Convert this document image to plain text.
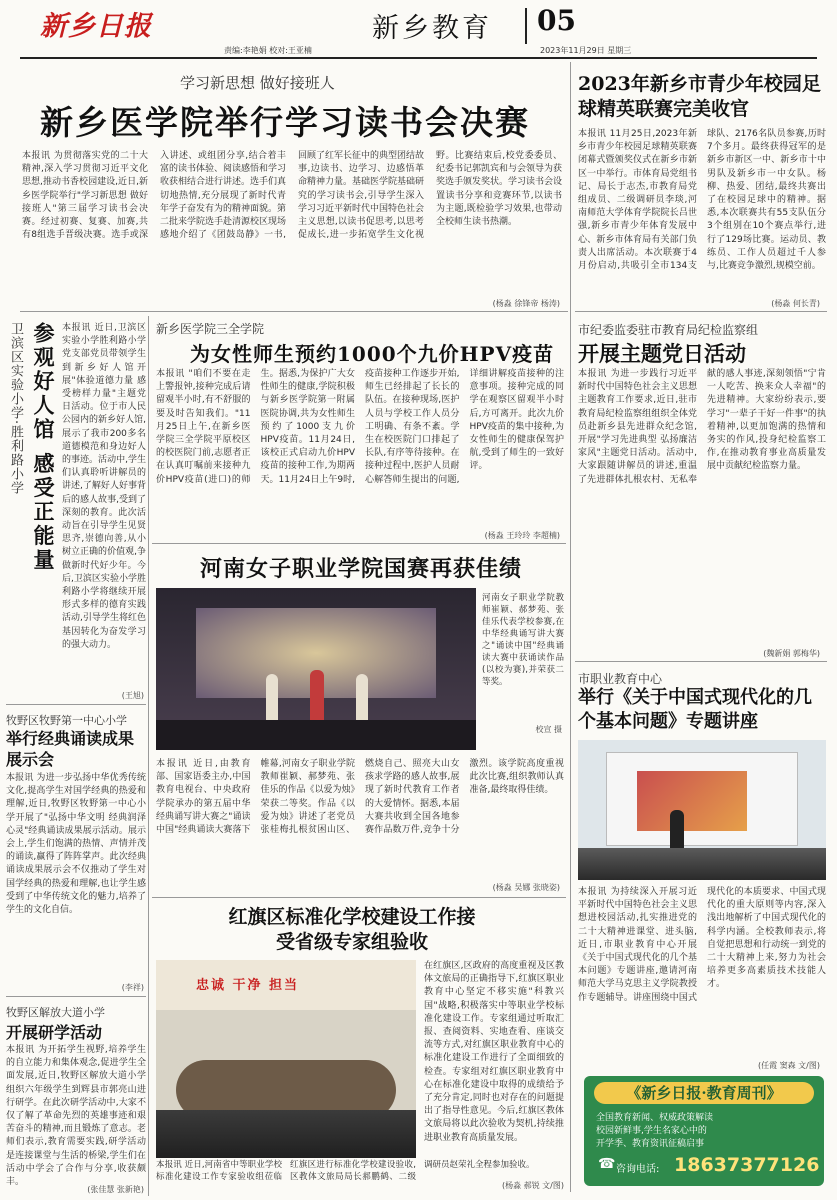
新乡日报
责编:李艳娟 校对:王亚楠
新乡教育 05
2023年11月29日 星期三
学习新思想 做好接班人
新乡医学院举行学习读书会决赛
本报讯 为贯彻落实党的二十大精神,深入学习贯彻习近平文化思想,推动书香校园建设,近日,新乡医学院举行"学习新思想 做好接班人"第三届学习读书会决赛。经过初赛、复赛、加赛,共有8组选手晋级决赛。选手或深入讲述、或组团分享,结合着丰富的读书体验、阅读感悟和学习收获相结合进行讲述。选手们真切地热情,充分展现了新时代青年学子奋发有为的精神面貌。第二批来学院选手赴清源校区现场感地介绍了《团鼓岛静》一书,回顾了红军长征中的典型团结故事,边读书、边学习、边感悟革命精神力量。基础医学院基础研究的学习读书会,引导学生深入学习习近平新时代中国特色社会主义思想,以读书促思考,以思考促成长,进一步拓宽学生文化视野。比赛结束后,校党委委员、纪委书记郭凯宾和与会领导为获奖选手颁发奖状。学习读书会设置读书分享和竞赛环节,以读书为主题,既检验学习效果,也带动全校师生读书热潮。
(杨淼 徐锋帝 杨涛)
2023年新乡市青少年校园足球精英联赛完美收官
本报讯 11月25日,2023年新乡市青少年校园足球精英联赛闭幕式暨颁奖仪式在新乡市新区一中举行。市体育局党组书记、局长于志杰,市教育局党组成员、二级调研员李琰,河南师范大学体育学院院长吕世强,新乡市青少年体育发展中心、新乡市体育局有关部门负责人出席活动。本次联赛于4月份启动,共吸引全市134支球队、2176名队员参赛,历时7个多月。最终获得冠军的是新乡市新区一中、新乡市十中男队及新乡市一中女队。杨柳、热爱、团结,最终共赛出了在校园足球中的精神。据悉,本次联赛共有55支队伍分3个组别在10个赛点举行,进行了129场比赛。运动员、教练员、工作人员超过千人参与,比赛竞争激烈,规模空前。
(杨淼 何长青)
市纪委监委驻市教育局纪检监察组
开展主题党日活动
本报讯 为进一步践行习近平新时代中国特色社会主义思想主题教育工作要求,近日,驻市教育局纪检监察组组织全体党员赴新乡县先进群众纪念馆,开展"学习先进典型 弘扬廉洁家风"主题党日活动。活动中,大家跟随讲解员的讲述,重温了先进群体扎根农村、无私奉献的感人事迹,深刻领悟"宁肯一人吃苦、换来众人幸福"的先进精神。大家纷纷表示,要学习"一辈子干好一件事"的执着精神,以更加饱满的热情和务实的作风,投身纪检监察工作,在推动教育事业高质量发展中贡献纪检监察力量。
(魏新娟 郭梅华)
市职业教育中心
举行《关于中国式现代化的几个基本问题》专题讲座
本报讯 为持续深入开展习近平新时代中国特色社会主义思想进校园活动,扎实推进党的二十大精神进课堂、进头脑,近日,市职业教育中心开展《关于中国式现代化的几个基本问题》专题讲座,邀请河南师范大学马克思主义学院教授作专题辅导。讲座围绕中国式现代化的本质要求、中国式现代化的重大原则等内容,深入浅出地解析了中国式现代化的科学内涵。全校教师表示,将自觉把思想和行动统一到党的二十大精神上来,努力为社会培养更多高素质技术技能人才。
(任霞 窦森 文/图)
《新乡日报·教育周刊》
全国教育新闻、权威政策解读
校园新鲜事,学生名家心中的
开学季、教育资讯征稿启事
☎ 咨询电话: 18637377126
卫滨区实验小学·胜利路小学 参观好人馆 感受正能量 本报讯 近日,卫滨区实验小学胜利路小学党支部党员带领学生到新乡好人馆开展"体验道德力量 感受榜样力量"主题党日活动。位于市人民公园内的新乡好人馆,展示了我市200多名道德模范和身边好人的事迹。活动中,学生们认真聆听讲解员的讲述,了解好人好事背后的感人故事,受到了深刻的教育。此次活动旨在引导学生见贤思齐,崇德向善,从小树立正确的价值观,争做新时代好少年。今后,卫滨区实验小学胜利路小学将继续开展形式多样的德育实践活动,引导学生将红色基因转化为奋发学习的强大动力。
(王旭)
牧野区牧野第一中心小学
举行经典诵读成果展示会
本报讯 为进一步弘扬中华优秀传统文化,提高学生对国学经典的热爱和理解,近日,牧野区牧野第一中心小学开展了"弘扬中华文明 经典润泽心灵"经典诵读成果展示活动。展示会上,学生们饱满的热情、声情并茂的诵读,赢得了阵阵掌声。此次经典诵读成果展示会不仅推动了学生对国学经典的热爱和理解,也让学生感受到了中华传统文化的魅力,培养了学生的文化自信。
(李祥)
牧野区解放大道小学
开展研学活动
本报讯 为开拓学生视野,培养学生的自立能力和集体观念,促进学生全面发展,近日,牧野区解放大道小学组织六年级学生到辉县市郭亮山进行研学。在此次研学活动中,大家不仅了解了革命先烈的英雄事迹和艰苦奋斗的精神,而且锻炼了意志。老师们表示,教育需要实践,研学活动是连接课堂与生活的桥梁,学生们在活动中学会了合作与分享,收获颇丰。
(张佳慧 张新艳)
新乡医学院三全学院
为女性师生预约1000个九价HPV疫苗
本报讯 "咱们不要在走上警报钟,接种完成后请留观半小时,有不舒服的要及时告知我们。"11月25日上午,在新乡医学院三全学院平原校区的校医院门前,志愿者正在认真叮嘱前来接种九价HPV疫苗(进口)的师生。据悉,为保护广大女性师生的健康,学院积极与新乡医学院第一附属医院协调,共为女性师生预约了1000支九价HPV疫苗。11月24日,该校正式启动九价HPV疫苗的接种工作,为期两天。11月24日上午9时,疫苗接种工作逐步开始,师生已经排起了长长的队伍。在接种现场,医护人员与学校工作人员分工明确、有条不紊。学生在校医院门口排起了长队,有序等待接种。在接种过程中,医护人员耐心解答师生提出的问题,详细讲解疫苗接种的注意事项。接种完成的同学在观察区留观半小时后,方可离开。此次九价HPV疫苗的集中接种,为女性师生的健康保驾护航,受到了师生的一致好评。
(杨淼 王玲玲 李超楠)
河南女子职业学院国赛再获佳绩
河南女子职业学院教师崔颖、郝梦苑、张佳乐代表学校参赛,在中华经典诵写讲大赛之"诵读中国"经典诵读大赛中获诵读作品(以校为赛),并荣获二等奖。
校宣 摄
本报讯 近日,由教育部、国家语委主办,中国教育电视台、中央政府学院承办的第五届中华经典诵写讲大赛之"诵读中国"经典诵读大赛落下帷幕,河南女子职业学院教师崔颖、郝梦苑、张佳乐的作品《以爱为烛》荣获二等奖。作品《以爱为烛》讲述了老党员张桂梅扎根贫困山区、燃烧自己、照亮大山女孩求学路的感人故事,展现了新时代教育工作者的大爱情怀。据悉,本届大赛共收到全国各地参赛作品数万件,竞争十分激烈。该学院高度重视此次比赛,组织教师认真准备,最终取得佳绩。
(杨淼 吴娜 张晓姿)
红旗区标准化学校建设工作接受省级专家组验收
忠诚 干净 担当
本报讯 近日,河南省中等职业学校标准化建设工作专家验收组莅临红旗区进行标准化学校建设验收,区教体文旅局局长郝鹏鹤、二级调研员赵荣礼全程参加验收。
在红旗区,区政府的高度重视及区教体文旅局的正确指导下,红旗区职业教育中心坚定不移实施"科教兴国"战略,积极落实中等职业学校标准化建设工作。专家组通过听取汇报、查阅资料、实地查看、座谈交流等方式,对红旗区职业教育中心的标准化建设工作进行了全面细致的检查。专家组对红旗区职业教育中心在标准化建设中取得的成绩给予了充分肯定,同时也对存在的问题提出了指导性意见。今后,红旗区教体文旅局将以此次验收为契机,持续推进职业教育高质量发展。
(杨淼 郝锐 文/图)
